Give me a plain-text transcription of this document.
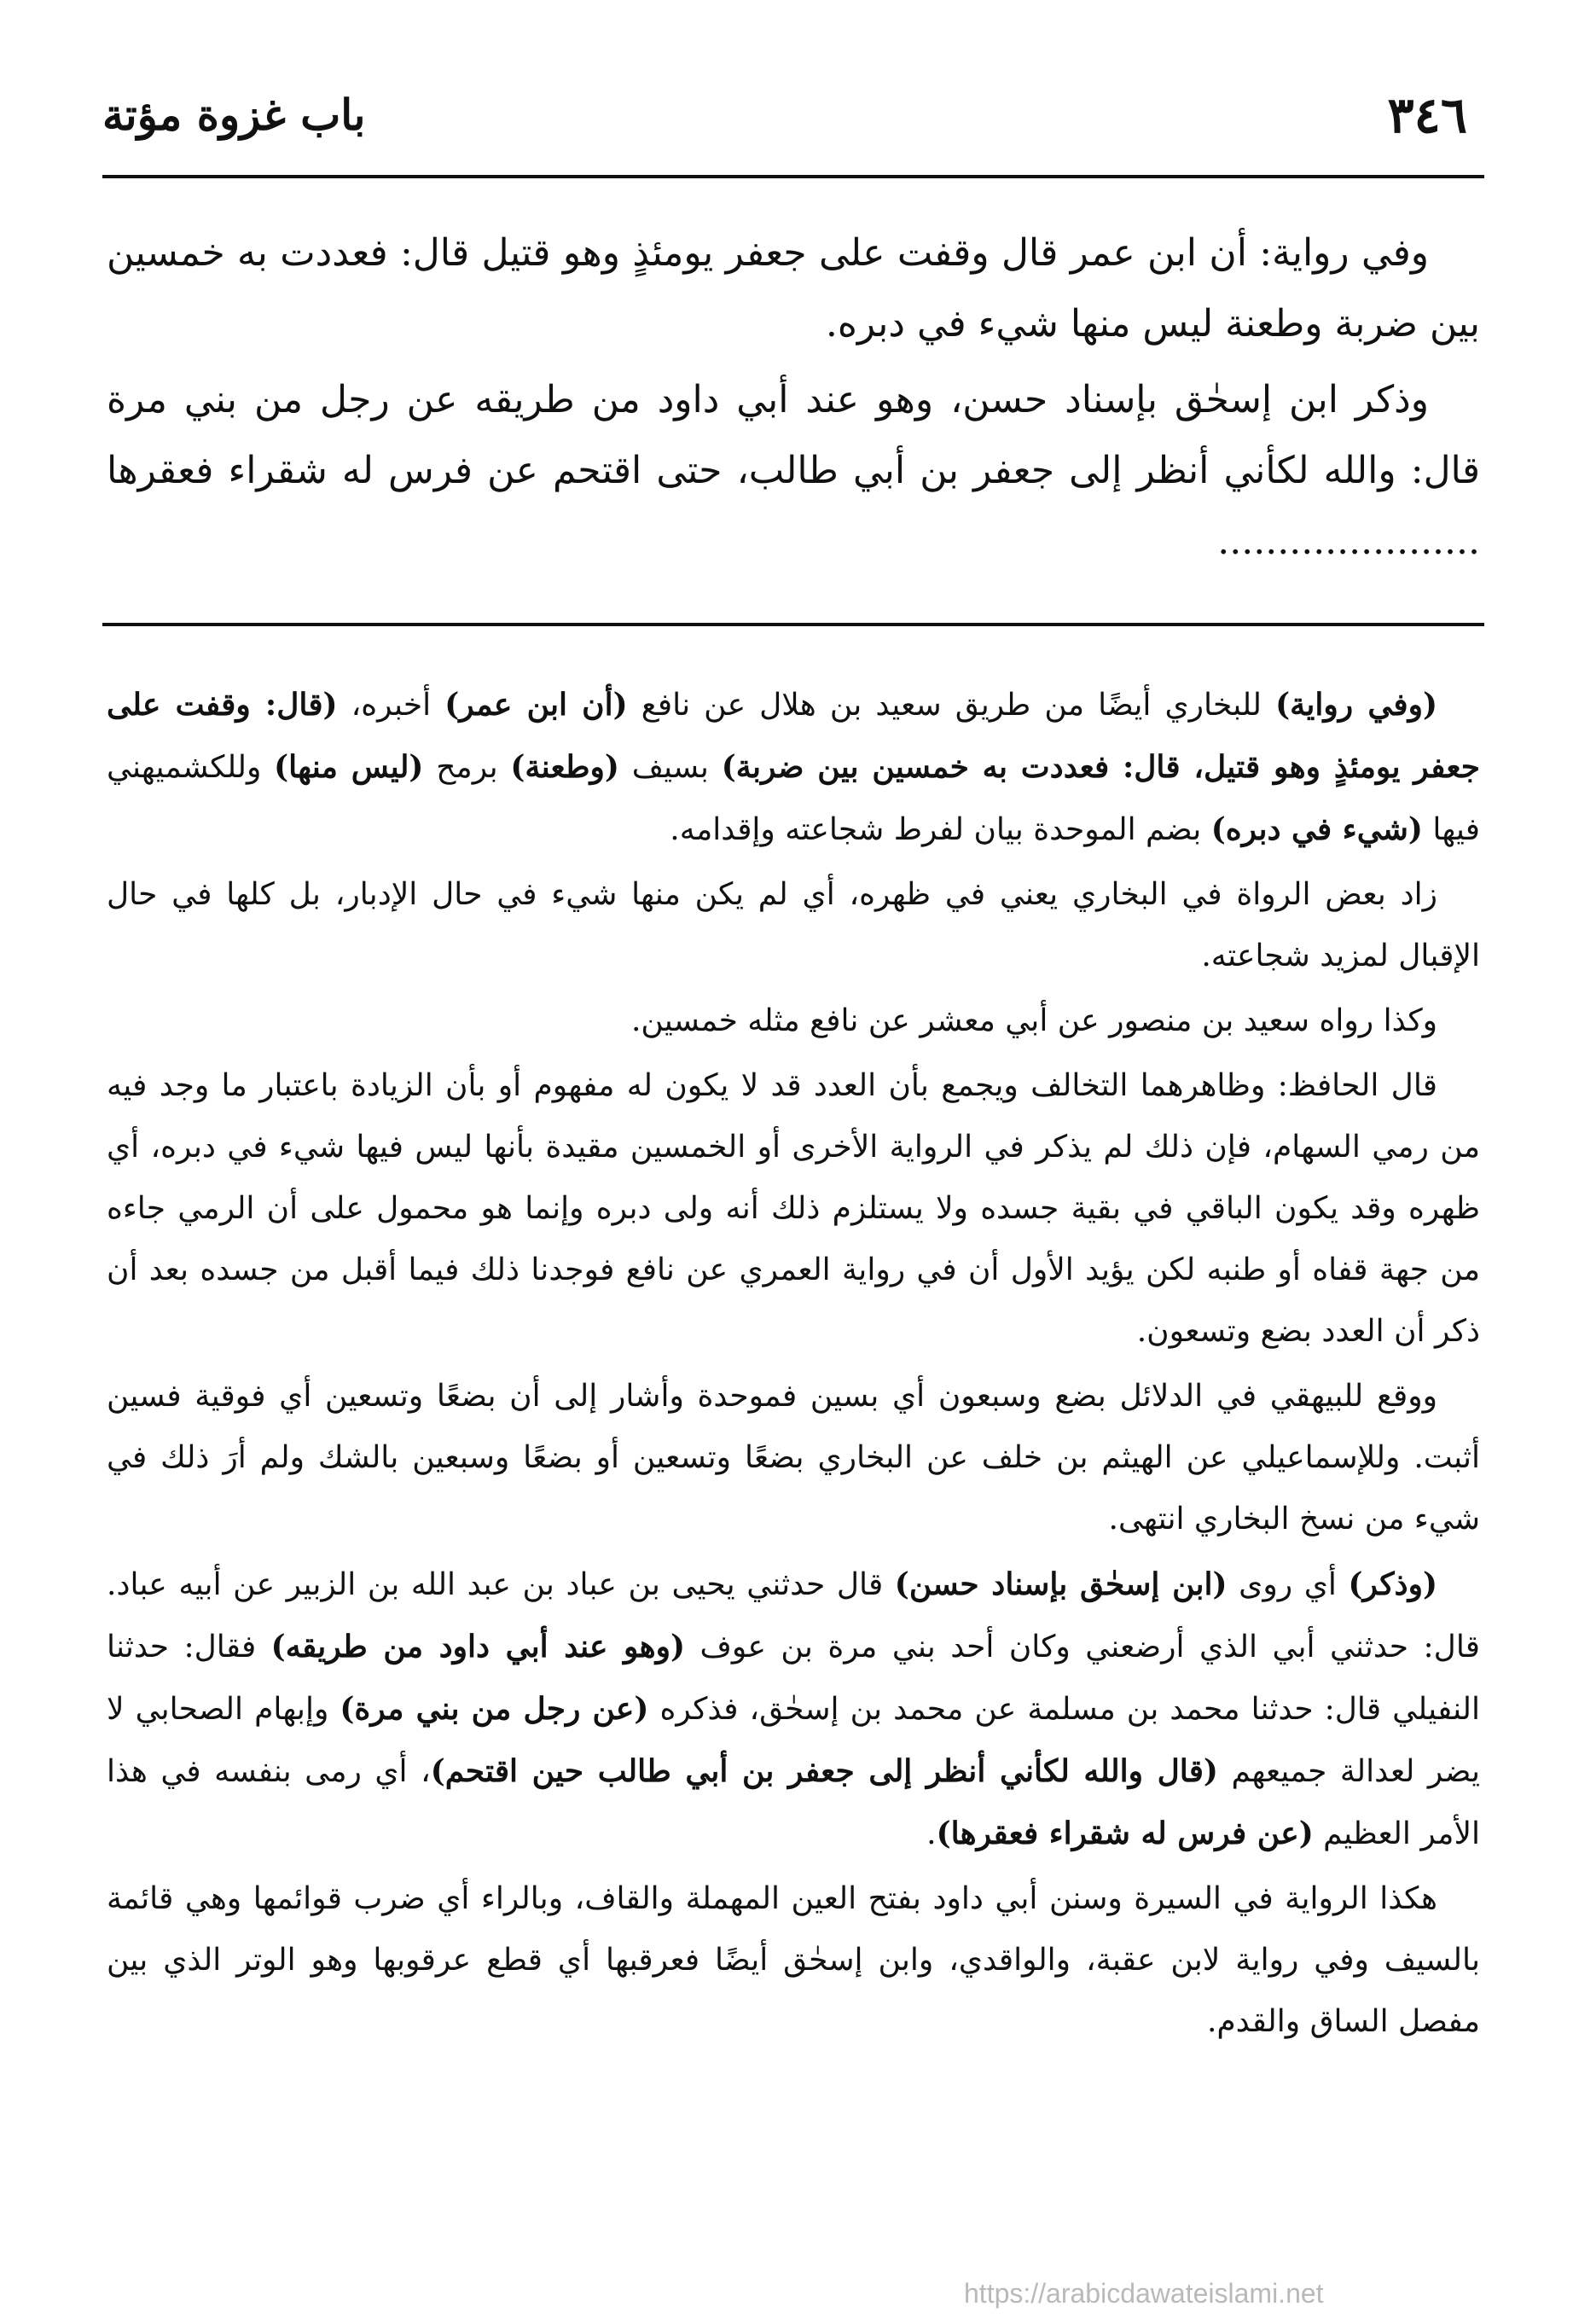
٣٤٦
باب غزوة مؤتة

وفي رواية: أن ابن عمر قال وقفت على جعفر يومئذٍ وهو قتيل قال: فعددت به خمسين بين ضربة وطعنة ليس منها شيء في دبره.

وذكر ابن إسحٰق بإسناد حسن، وهو عند أبي داود من طريقه عن رجل من بني مرة قال: والله لكأني أنظر إلى جعفر بن أبي طالب، حتى اقتحم عن فرس له شقراء فعقرها ......................

(وفي رواية) للبخاري أيضًا من طريق سعيد بن هلال عن نافع (أن ابن عمر) أخبره، (قال: وقفت على جعفر يومئذٍ وهو قتيل، قال: فعددت به خمسين بين ضربة) بسيف (وطعنة) برمح (ليس منها) وللكشميهني فيها (شيء في دبره) بضم الموحدة بيان لفرط شجاعته وإقدامه.

زاد بعض الرواة في البخاري يعني في ظهره، أي لم يكن منها شيء في حال الإدبار، بل كلها في حال الإقبال لمزيد شجاعته.

وكذا رواه سعيد بن منصور عن أبي معشر عن نافع مثله خمسين.

قال الحافظ: وظاهرهما التخالف ويجمع بأن العدد قد لا يكون له مفهوم أو بأن الزيادة باعتبار ما وجد فيه من رمي السهام، فإن ذلك لم يذكر في الرواية الأخرى أو الخمسين مقيدة بأنها ليس فيها شيء في دبره، أي ظهره وقد يكون الباقي في بقية جسده ولا يستلزم ذلك أنه ولى دبره وإنما هو محمول على أن الرمي جاءه من جهة قفاه أو طنبه لكن يؤيد الأول أن في رواية العمري عن نافع فوجدنا ذلك فيما أقبل من جسده بعد أن ذكر أن العدد بضع وتسعون.

ووقع للبيهقي في الدلائل بضع وسبعون أي بسين فموحدة وأشار إلى أن بضعًا وتسعين أي فوقية فسين أثبت. وللإسماعيلي عن الهيثم بن خلف عن البخاري بضعًا وتسعين أو بضعًا وسبعين بالشك ولم أرَ ذلك في شيء من نسخ البخاري انتهى.

(وذكر) أي روى (ابن إسحٰق بإسناد حسن) قال حدثني يحيى بن عباد بن عبد الله بن الزبير عن أبيه عباد. قال: حدثني أبي الذي أرضعني وكان أحد بني مرة بن عوف (وهو عند أبي داود من طريقه) فقال: حدثنا النفيلي قال: حدثنا محمد بن مسلمة عن محمد بن إسحٰق، فذكره (عن رجل من بني مرة) وإبهام الصحابي لا يضر لعدالة جميعهم (قال والله لكأني أنظر إلى جعفر بن أبي طالب حين اقتحم)، أي رمى بنفسه في هذا الأمر العظيم (عن فرس له شقراء فعقرها).

هكذا الرواية في السيرة وسنن أبي داود بفتح العين المهملة والقاف، وبالراء أي ضرب قوائمها وهي قائمة بالسيف وفي رواية لابن عقبة، والواقدي، وابن إسحٰق أيضًا فعرقبها أي قطع عرقوبها وهو الوتر الذي بين مفصل الساق والقدم.

https://arabicdawateislami.net
